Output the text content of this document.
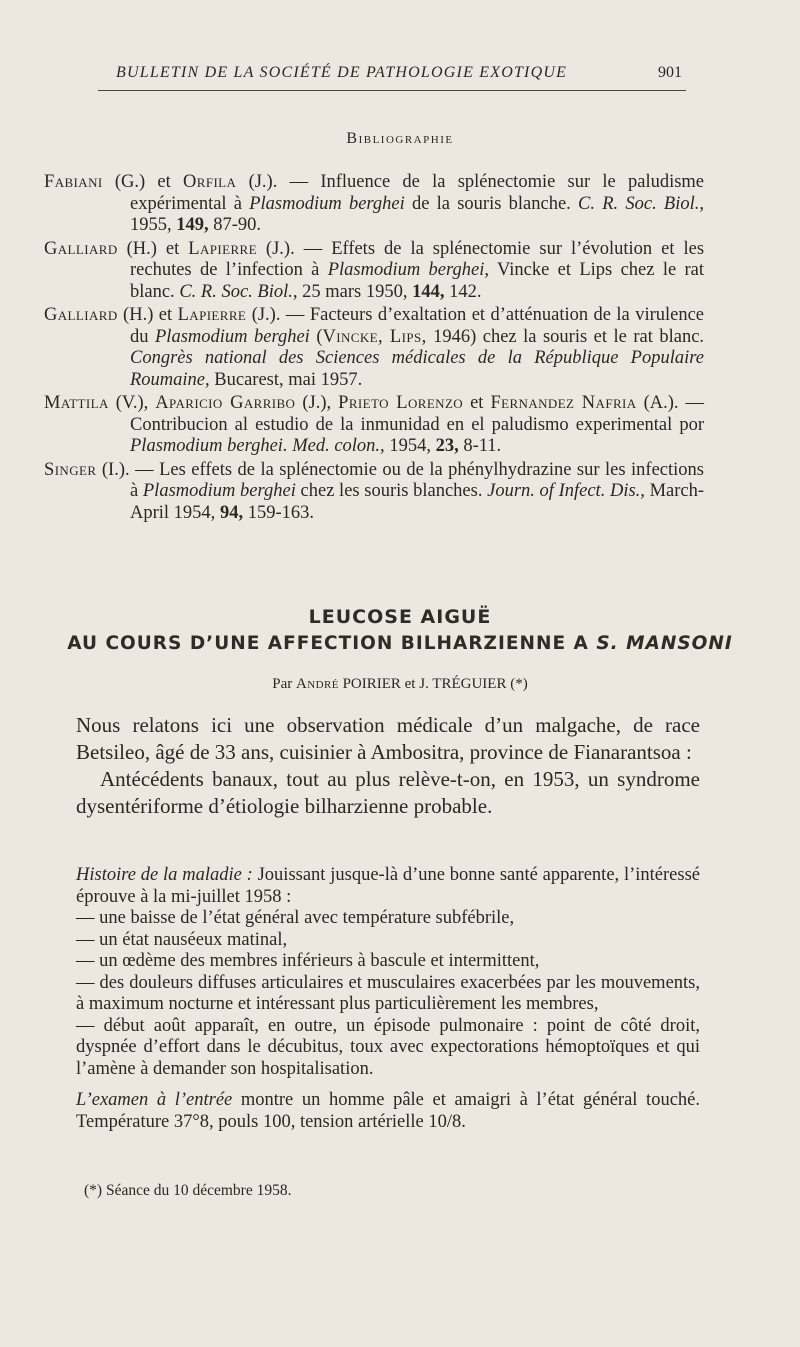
BULLETIN DE LA SOCIÉTÉ DE PATHOLOGIE EXOTIQUE	901
Bibliographie
Fabiani (G.) et Orfila (J.). — Influence de la splénectomie sur le paludisme expérimental à Plasmodium berghei de la souris blanche. C. R. Soc. Biol., 1955, 149, 87-90.
Galliard (H.) et Lapierre (J.). — Effets de la splénectomie sur l’évolution et les rechutes de l’infection à Plasmodium berghei, Vincke et Lips chez le rat blanc. C. R. Soc. Biol., 25 mars 1950, 144, 142.
Galliard (H.) et Lapierre (J.). — Facteurs d’exaltation et d’atténuation de la virulence du Plasmodium berghei (Vincke, Lips, 1946) chez la souris et le rat blanc. Congrès national des Sciences médicales de la République Populaire Roumaine, Bucarest, mai 1957.
Mattila (V.), Aparicio Garribo (J.), Prieto Lorenzo et Fernandez Nafria (A.). — Contribucion al estudio de la inmunidad en el paludismo experimental por Plasmodium berghei. Med. colon., 1954, 23, 8-11.
Singer (I.). — Les effets de la splénectomie ou de la phénylhydrazine sur les infections à Plasmodium berghei chez les souris blanches. Journ. of Infect. Dis., March-April 1954, 94, 159-163.
LEUCOSE AIGUË
AU COURS D’UNE AFFECTION BILHARZIENNE A S. MANSONI
Par André POIRIER et J. TRÉGUIER (*)

Nous relatons ici une observation médicale d’un malgache, de race Betsileo, âgé de 33 ans, cuisinier à Ambositra, province de Fianarantsoa :

Antécédents banaux, tout au plus relève-t-on, en 1953, un syndrome dysentériforme d’étiologie bilharzienne probable.

Histoire de la maladie : Jouissant jusque-là d’une bonne santé apparente, l’intéressé éprouve à la mi-juillet 1958 :

— une baisse de l’état général avec température subfébrile,

— un état nauséeux matinal,

— un œdème des membres inférieurs à bascule et intermittent,

— des douleurs diffuses articulaires et musculaires exacerbées par les mouvements, à maximum nocturne et intéressant plus particulièrement les membres,

— début août apparaît, en outre, un épisode pulmonaire : point de côté droit, dyspnée d’effort dans le décubitus, toux avec expectorations hémoptoïques et qui l’amène à demander son hospitalisation.

L’examen à l’entrée montre un homme pâle et amaigri à l’état général touché. Température 37°8, pouls 100, tension artérielle 10/8.

(*) Séance du 10 décembre 1958.
